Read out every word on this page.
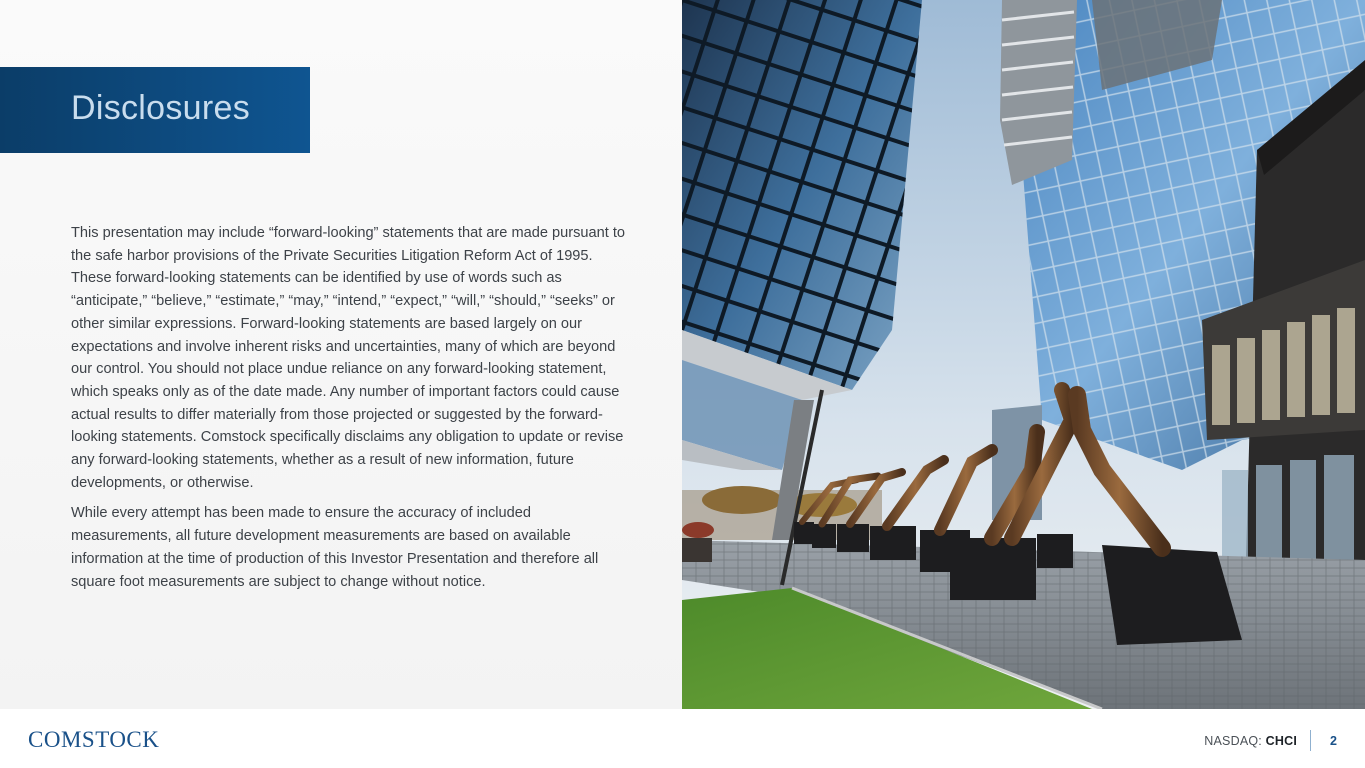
Disclosures

This presentation may include “forward-looking” statements that are made pursuant to the safe harbor provisions of the Private Securities Litigation Reform Act of 1995. These forward-looking statements can be identified by use of words such as “anticipate,” “believe,” “estimate,” “may,” “intend,” “expect,” “will,” “should,” “seeks” or other similar expressions. Forward-looking statements are based largely on our expectations and involve inherent risks and uncertainties, many of which are beyond our control. You should not place undue reliance on any forward-looking statement, which speaks only as of the date made. Any number of important factors could cause actual results to differ materially from those projected or suggested by the forward-looking statements. Comstock specifically disclaims any obligation to update or revise any forward-looking statements, whether as a result of new information, future developments, or otherwise.

While every attempt has been made to ensure the accuracy of included measurements, all future development measurements are based on available information at the time of production of this Investor Presentation and therefore all square foot measurements are subject to change without notice.

COMSTOCK	NASDAQ: CHCI	2
